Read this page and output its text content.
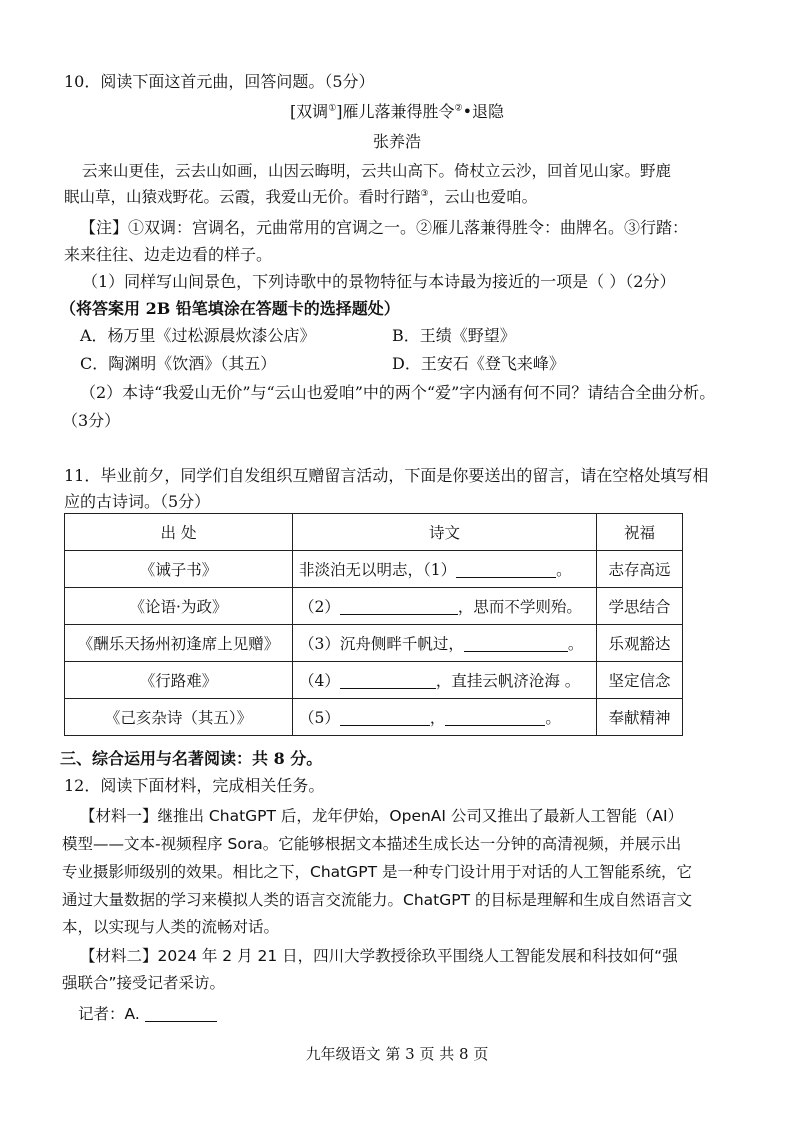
10．阅读下面这首元曲，回答问题。（5分）
[双调①]雁儿落兼得胜令②•退隐
张养浩
云来山更佳，云去山如画，山因云晦明，云共山高下。倚杖立云沙，回首见山家。野鹿
眠山草，山猿戏野花。云霞，我爱山无价。看时行踏③，云山也爱咱。
【注】①双调：宫调名，元曲常用的宫调之一。②雁儿落兼得胜令：曲牌名。③行踏：
来来往往、边走边看的样子。
（1）同样写山间景色，下列诗歌中的景物特征与本诗最为接近的一项是（ ）（2分）
（将答案用 2B 铅笔填涂在答题卡的选择题处）
A．杨万里《过松源晨炊漆公店》	B．王绩《野望》
C．陶渊明《饮酒》（其五）	D．王安石《登飞来峰》
（2）本诗“我爱山无价”与“云山也爱咱”中的两个“爱”字内涵有何不同？请结合全曲分析。
（3分）
11．毕业前夕，同学们自发组织互赠留言活动，下面是你要送出的留言，请在空格处填写相
应的古诗词。（5分）
出 处	诗文	祝福
《诫子书》	非淡泊无以明志，（1） 。	志存高远
《论语·为政》	（2） ，思而不学则殆。	学思结合
《酬乐天扬州初逢席上见赠》	（3）沉舟侧畔千帆过， 。	乐观豁达
《行路难》	（4） ，直挂云帆济沧海 。	坚定信念
《己亥杂诗（其五）》	（5） ， 。	奉献精神
三、综合运用与名著阅读：共 8 分。
12．阅读下面材料，完成相关任务。
【材料一】继推出 ChatGPT 后，龙年伊始，OpenAI 公司又推出了最新人工智能（AI）
模型——文本-视频程序 Sora。它能够根据文本描述生成长达一分钟的高清视频，并展示出
专业摄影师级别的效果。相比之下，ChatGPT 是一种专门设计用于对话的人工智能系统，它
通过大量数据的学习来模拟人类的语言交流能力。ChatGPT 的目标是理解和生成自然语言文
本，以实现与人类的流畅对话。
【材料二】2024 年 2 月 21 日，四川大学教授徐玖平围绕人工智能发展和科技如何“强
强联合”接受记者采访。
记者：A.
九年级语文 第 3 页 共 8 页
